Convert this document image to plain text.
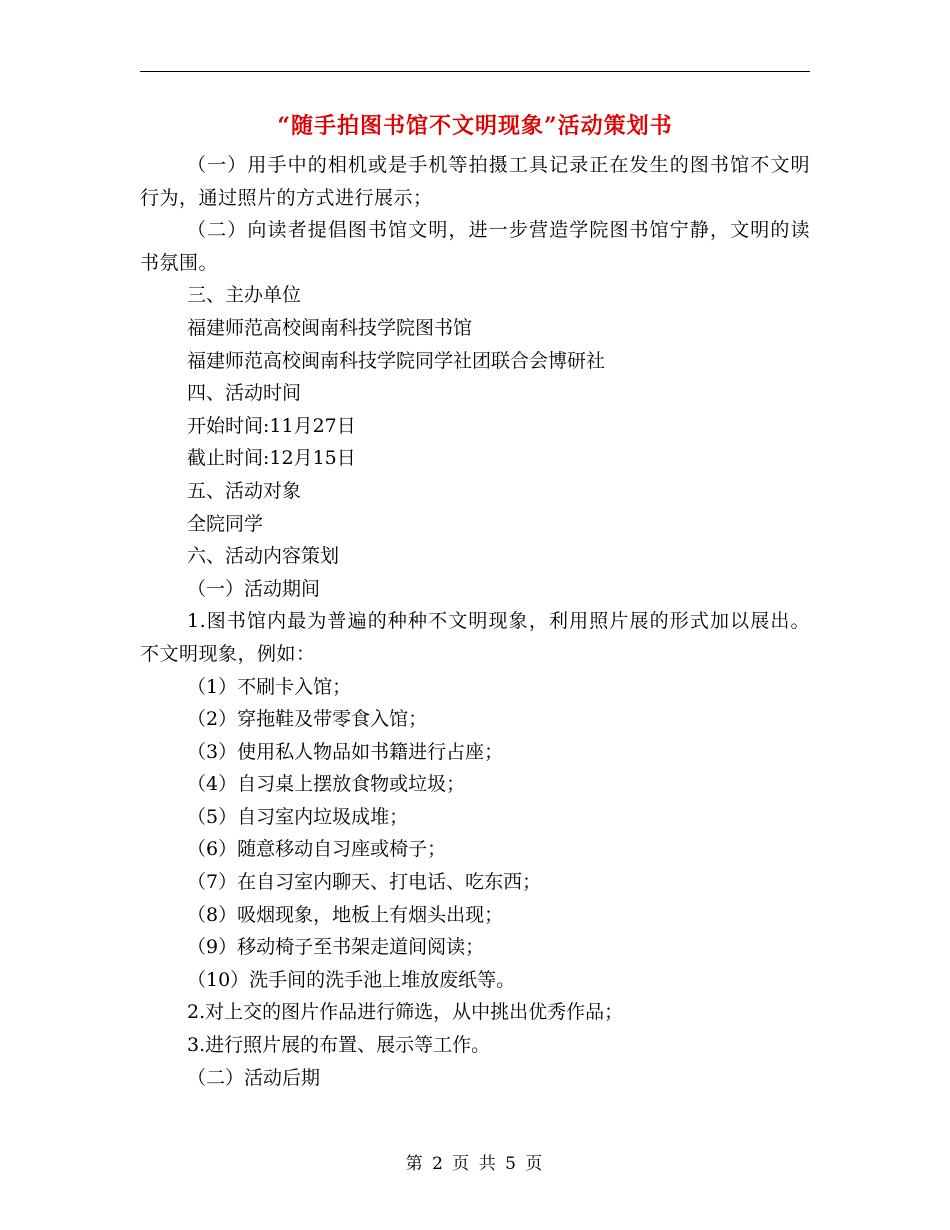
“随手拍图书馆不文明现象”活动策划书

（一）用手中的相机或是手机等拍摄工具记录正在发生的图书馆不文明行为，通过照片的方式进行展示；

（二）向读者提倡图书馆文明，进一步营造学院图书馆宁静，文明的读书氛围。

三、主办单位

福建师范高校闽南科技学院图书馆

福建师范高校闽南科技学院同学社团联合会博研社

四、活动时间

开始时间:11月27日

截止时间:12月15日

五、活动对象

全院同学

六、活动内容策划

（一）活动期间

1.图书馆内最为普遍的种种不文明现象，利用照片展的形式加以展出。不文明现象，例如：

（1）不刷卡入馆；

（2）穿拖鞋及带零食入馆；

（3）使用私人物品如书籍进行占座；

（4）自习桌上摆放食物或垃圾；

（5）自习室内垃圾成堆；

（6）随意移动自习座或椅子；

（7）在自习室内聊天、打电话、吃东西；

（8）吸烟现象，地板上有烟头出现；

（9）移动椅子至书架走道间阅读；

（10）洗手间的洗手池上堆放废纸等。

2.对上交的图片作品进行筛选，从中挑出优秀作品；

3.进行照片展的布置、展示等工作。

（二）活动后期

第 2 页 共 5 页
